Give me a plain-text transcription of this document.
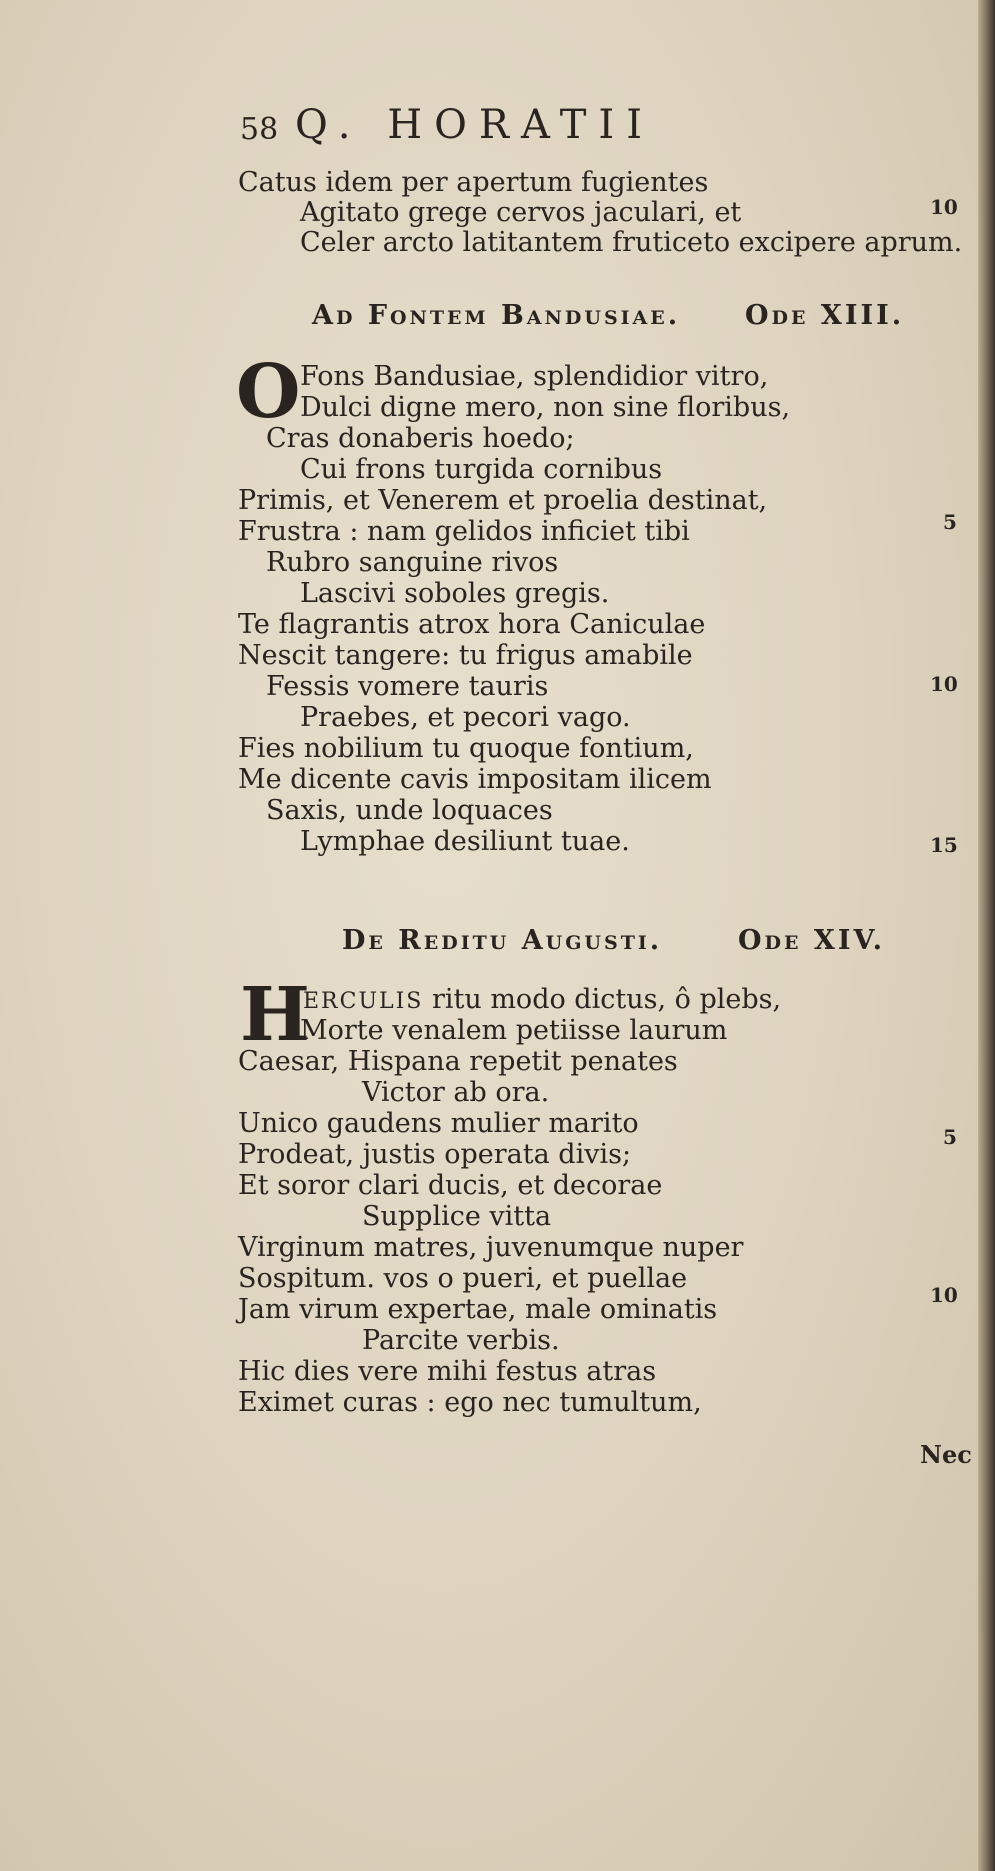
58 Q. HORATII
Catus idem per apertum fugientes
Agitato grege cervos jaculari, et
Celer arcto latitantem fruticeto excipere aprum.
10
Ad Fontem Bandusiae. Ode XIII.
O Fons Bandusiae, splendidior vitro,
Dulci digne mero, non sine floribus,
Cras donaberis hoedo;
Cui frons turgida cornibus
Primis, et Venerem et proelia destinat,
Frustra : nam gelidos inficiet tibi
Rubro sanguine rivos
Lascivi soboles gregis.
Te flagrantis atrox hora Caniculae
Nescit tangere: tu frigus amabile
Fessis vomere tauris
Praebes, et pecori vago.
Fies nobilium tu quoque fontium,
Me dicente cavis impositam ilicem
Saxis, unde loquaces
Lymphae desiliunt tuae.
5
10
15
De Reditu Augusti.	Ode XIV.
H
ERCULIS ritu modo dictus, ô plebs,
Morte venalem petiisse laurum
Caesar, Hispana repetit penates
Victor ab ora.
Unico gaudens mulier marito
Prodeat, justis operata divis;
Et soror clari ducis, et decorae
Supplice vitta
Virginum matres, juvenumque nuper
Sospitum. vos o pueri, et puellae
Jam virum expertae, male ominatis
Parcite verbis.
Hic dies vere mihi festus atras
Eximet curas : ego nec tumultum,
5
10
Nec
